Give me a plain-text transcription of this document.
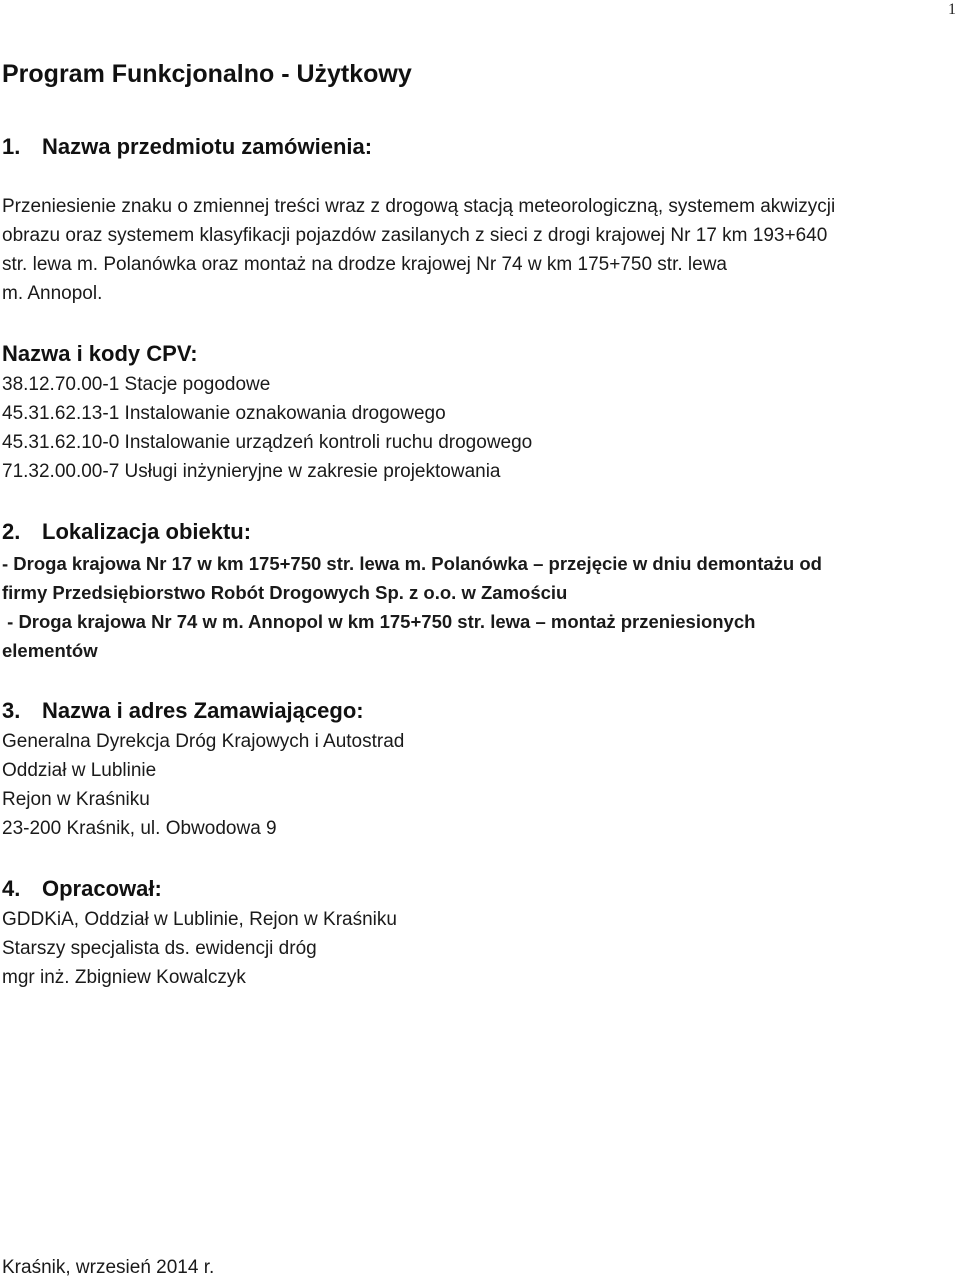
1
Program Funkcjonalno - Użytkowy
1. Nazwa przedmiotu zamówienia:
Przeniesienie znaku o zmiennej treści wraz z drogową stacją meteorologiczną, systemem akwizycji
obrazu oraz systemem klasyfikacji pojazdów zasilanych z sieci z drogi krajowej Nr 17 km 193+640
str. lewa m. Polanówka oraz montaż na drodze krajowej Nr 74 w km 175+750 str. lewa
m. Annopol.
Nazwa i kody CPV:
38.12.70.00-1 Stacje pogodowe
45.31.62.13-1 Instalowanie oznakowania drogowego
45.31.62.10-0 Instalowanie urządzeń kontroli ruchu drogowego
71.32.00.00-7 Usługi inżynieryjne w zakresie projektowania
2. Lokalizacja obiektu:
- Droga krajowa Nr 17 w km 175+750 str. lewa m. Polanówka – przejęcie w dniu demontażu od
firmy Przedsiębiorstwo Robót Drogowych Sp. z o.o. w Zamościu
- Droga krajowa Nr 74 w m. Annopol w km 175+750 str. lewa – montaż przeniesionych
elementów
3. Nazwa i adres Zamawiającego:
Generalna Dyrekcja Dróg Krajowych i Autostrad
Oddział w Lublinie
Rejon w Kraśniku
23-200 Kraśnik, ul. Obwodowa 9
4. Opracował:
GDDKiA, Oddział w Lublinie, Rejon w Kraśniku
Starszy specjalista ds. ewidencji dróg
mgr inż. Zbigniew Kowalczyk
Kraśnik, wrzesień 2014 r.
